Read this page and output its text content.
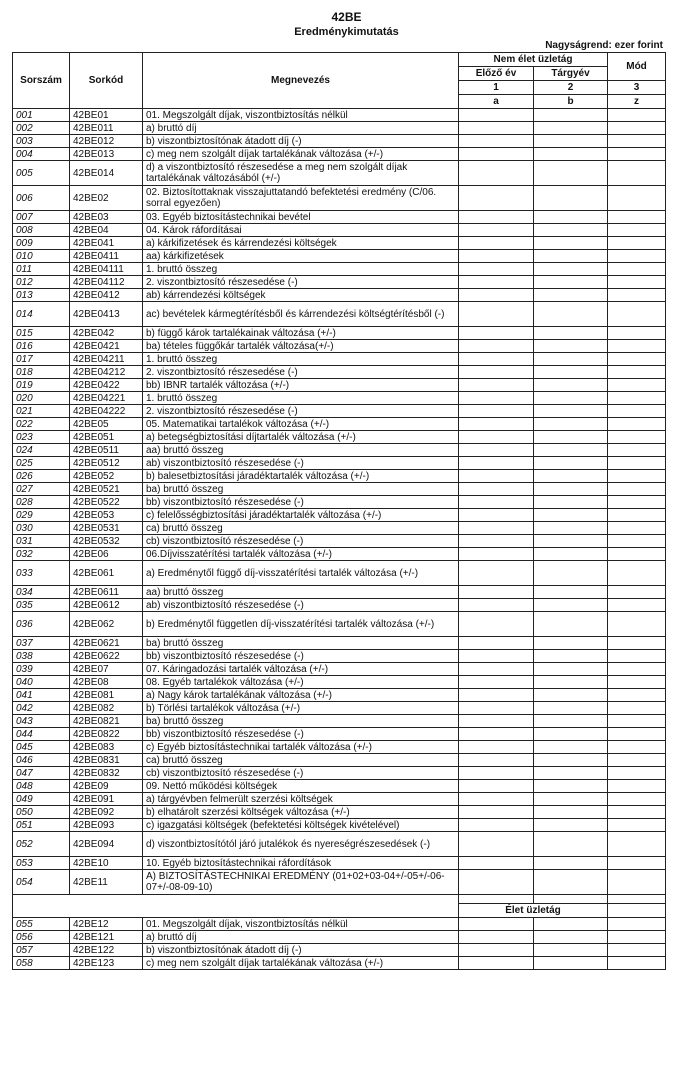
42BE
Eredménykimutatás
Nagyságrend: ezer forint
Sorszám	Sorkód	Megnevezés	Nem élet üzletág		Mód
			Előző év	Tárgyév	
			1	2	3
			a	b	z
001	42BE01	01. Megszolgált díjak, viszontbiztosítás nélkül			
002	42BE011	a) bruttó díj			
003	42BE012	b) viszontbiztosítónak átadott díj (-)			
004	42BE013	c) meg nem szolgált díjak tartalékának változása (+/-)			
005	42BE014	d) a viszontbiztosító részesedése a meg nem szolgált díjak tartalékának változásából (+/-)			
006	42BE02	02. Biztosítottaknak visszajuttatandó befektetési eredmény (C/06. sorral egyezően)			
007	42BE03	03. Egyéb biztosítástechnikai bevétel			
008	42BE04	04. Károk ráfordításai			
009	42BE041	a) kárkifizetések és kárrendezési költségek			
010	42BE0411	aa) kárkifizetések			
011	42BE04111	1. bruttó összeg			
012	42BE04112	2. viszontbiztosító részesedése (-)			
013	42BE0412	ab) kárrendezési költségek			
014	42BE0413	ac) bevételek kármegtérítésből és kárrendezési költségtérítésből (-)			
015	42BE042	b) függő károk tartalékainak változása (+/-)			
016	42BE0421	ba) tételes függőkár tartalék változása(+/-)			
017	42BE04211	1. bruttó összeg			
018	42BE04212	2. viszontbiztosító részesedése (-)			
019	42BE0422	bb) IBNR tartalék változása (+/-)			
020	42BE04221	1. bruttó összeg			
021	42BE04222	2. viszontbiztosító részesedése (-)			
022	42BE05	05. Matematikai tartalékok változása (+/-)			
023	42BE051	a) betegségbiztosítási díjtartalék változása (+/-)			
024	42BE0511	aa) bruttó összeg			
025	42BE0512	ab) viszontbiztosító részesedése (-)			
026	42BE052	b) balesetbiztosítási járadéktartalék változása (+/-)			
027	42BE0521	ba) bruttó összeg			
028	42BE0522	bb) viszontbiztosító részesedése (-)			
029	42BE053	c) felelősségbiztosítási járadéktartalék változása (+/-)			
030	42BE0531	ca) bruttó összeg			
031	42BE0532	cb) viszontbiztosító részesedése (-)			
032	42BE06	06.Díjvisszatérítési tartalék változása (+/-)			
033	42BE061	a) Eredménytől függő díj-visszatérítési tartalék változása (+/-)			
034	42BE0611	aa) bruttó összeg			
035	42BE0612	ab) viszontbiztosító részesedése (-)			
036	42BE062	b) Eredménytől független díj-visszatérítési tartalék változása (+/-)			
037	42BE0621	ba) bruttó összeg			
038	42BE0622	bb) viszontbiztosító részesedése (-)			
039	42BE07	07. Káringadozási tartalék változása (+/-)			
040	42BE08	08. Egyéb tartalékok változása (+/-)			
041	42BE081	a) Nagy károk tartalékának változása (+/-)			
042	42BE082	b) Törlési tartalékok változása (+/-)			
043	42BE0821	ba) bruttó összeg			
044	42BE0822	bb) viszontbiztosító részesedése (-)			
045	42BE083	c) Egyéb biztosítástechnikai tartalék változása (+/-)			
046	42BE0831	ca) bruttó összeg			
047	42BE0832	cb) viszontbiztosító részesedése (-)			
048	42BE09	09. Nettó működési költségek			
049	42BE091	a) tárgyévben felmerült szerzési költségek			
050	42BE092	b) elhatárolt szerzési költségek változása (+/-)			
051	42BE093	c) igazgatási költségek (befektetési költségek kivételével)			
052	42BE094	d) viszontbiztosítótól járó jutalékok és nyereségrészesedések (-)			
053	42BE10	10. Egyéb biztosítástechnikai ráfordítások			
054	42BE11	A) BIZTOSÍTÁSTECHNIKAI EREDMÉNY (01+02+03-04+/-05+/-06-07+/-08-09-10)			

			Élet üzletág		
055	42BE12	01. Megszolgált díjak, viszontbiztosítás nélkül			
056	42BE121	a) bruttó díj			
057	42BE122	b) viszontbiztosítónak átadott díj (-)			
058	42BE123	c) meg nem szolgált díjak tartalékának változása (+/-)			
